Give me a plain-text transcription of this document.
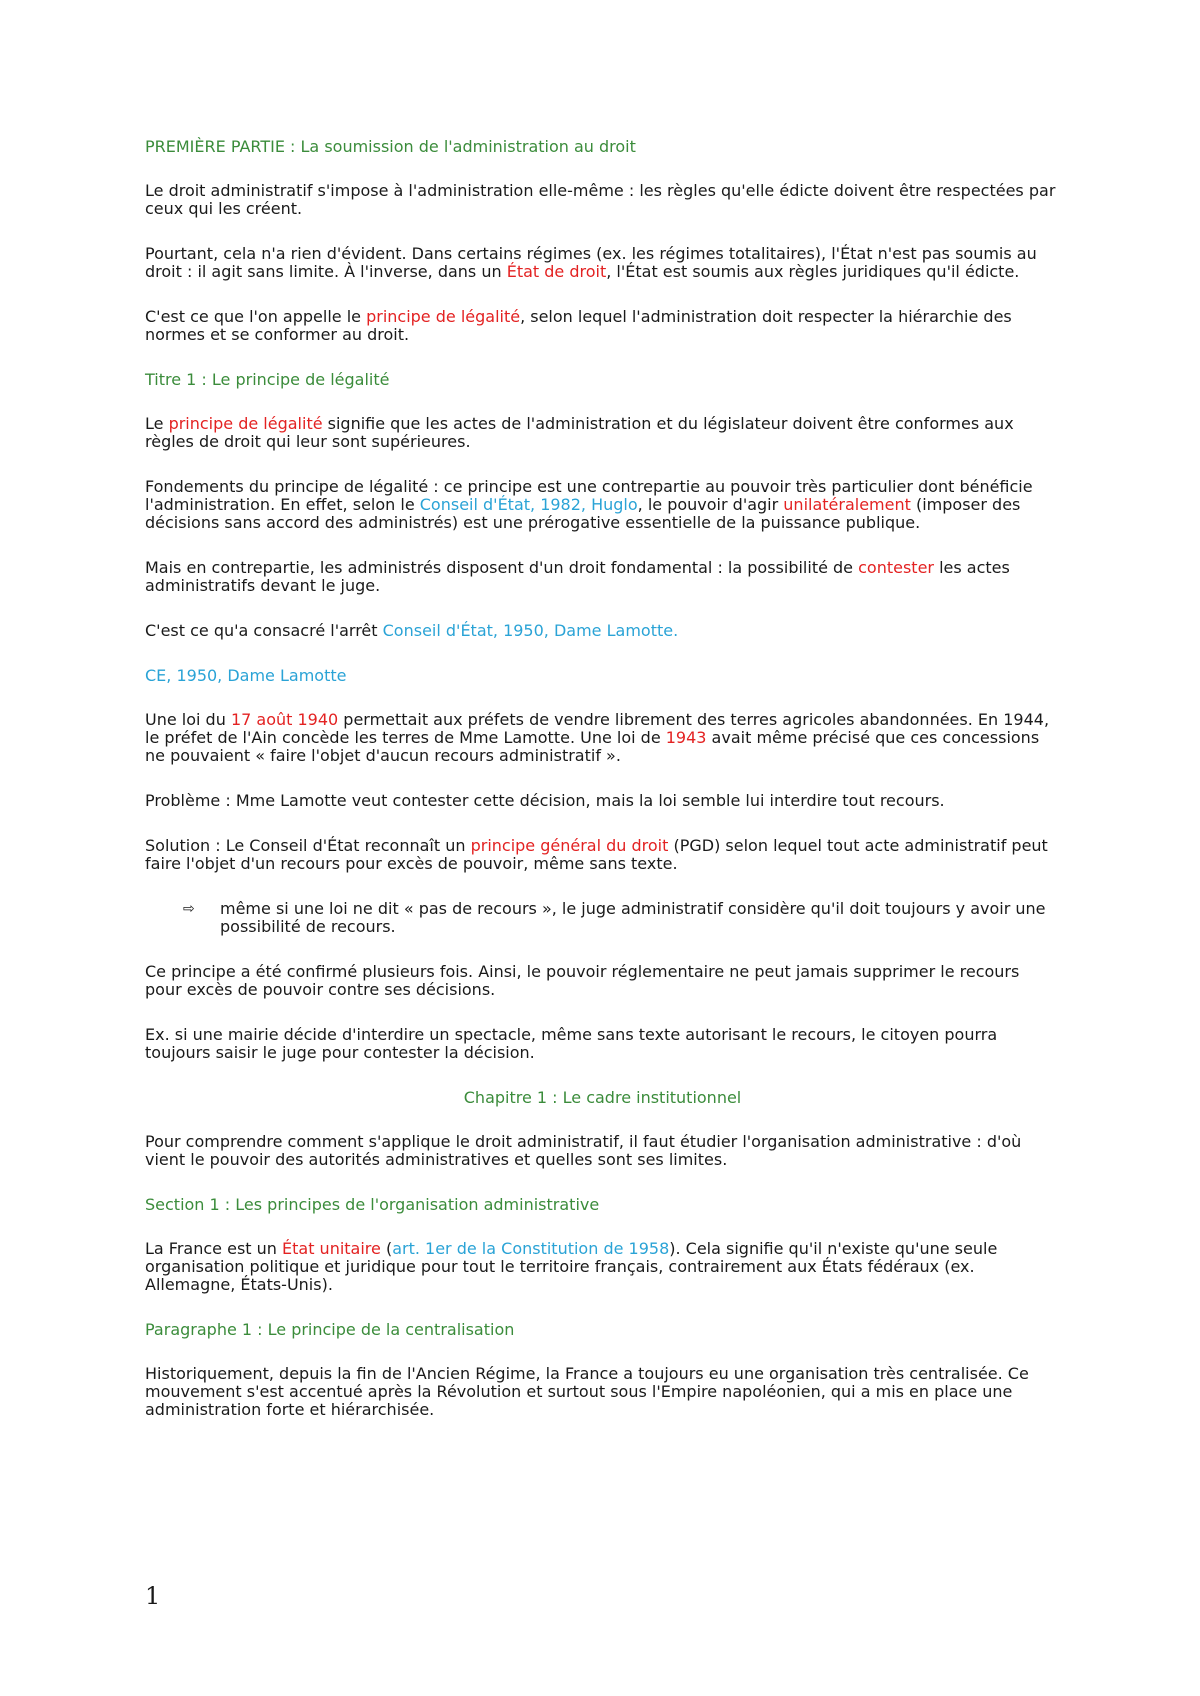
PREMIÈRE PARTIE : La soumission de l'administration au droit

Le droit administratif s'impose à l'administration elle-même : les règles qu'elle édicte doivent être respectées par ceux qui les créent.

Pourtant, cela n'a rien d'évident. Dans certains régimes (ex. les régimes totalitaires), l'État n'est pas soumis au droit : il agit sans limite. À l'inverse, dans un État de droit, l'État est soumis aux règles juridiques qu'il édicte.

C'est ce que l'on appelle le principe de légalité, selon lequel l'administration doit respecter la hiérarchie des normes et se conformer au droit.

Titre 1 : Le principe de légalité

Le principe de légalité signifie que les actes de l'administration et du législateur doivent être conformes aux règles de droit qui leur sont supérieures.

Fondements du principe de légalité : ce principe est une contrepartie au pouvoir très particulier dont bénéficie l'administration. En effet, selon le Conseil d'État, 1982, Huglo, le pouvoir d'agir unilatéralement (imposer des décisions sans accord des administrés) est une prérogative essentielle de la puissance publique.

Mais en contrepartie, les administrés disposent d'un droit fondamental : la possibilité de contester les actes administratifs devant le juge.

C'est ce qu'a consacré l'arrêt Conseil d'État, 1950, Dame Lamotte.

CE, 1950, Dame Lamotte

Une loi du 17 août 1940 permettait aux préfets de vendre librement des terres agricoles abandonnées. En 1944, le préfet de l'Ain concède les terres de Mme Lamotte. Une loi de 1943 avait même précisé que ces concessions ne pouvaient « faire l'objet d'aucun recours administratif ».

Problème : Mme Lamotte veut contester cette décision, mais la loi semble lui interdire tout recours.

Solution : Le Conseil d'État reconnaît un principe général du droit (PGD) selon lequel tout acte administratif peut faire l'objet d'un recours pour excès de pouvoir, même sans texte.

⇨ même si une loi ne dit « pas de recours », le juge administratif considère qu'il doit toujours y avoir une possibilité de recours.

Ce principe a été confirmé plusieurs fois. Ainsi, le pouvoir réglementaire ne peut jamais supprimer le recours pour excès de pouvoir contre ses décisions.

Ex. si une mairie décide d'interdire un spectacle, même sans texte autorisant le recours, le citoyen pourra toujours saisir le juge pour contester la décision.

Chapitre 1 : Le cadre institutionnel

Pour comprendre comment s'applique le droit administratif, il faut étudier l'organisation administrative : d'où vient le pouvoir des autorités administratives et quelles sont ses limites.

Section 1 : Les principes de l'organisation administrative

La France est un État unitaire (art. 1er de la Constitution de 1958). Cela signifie qu'il n'existe qu'une seule organisation politique et juridique pour tout le territoire français, contrairement aux États fédéraux (ex. Allemagne, États-Unis).

Paragraphe 1 : Le principe de la centralisation

Historiquement, depuis la fin de l'Ancien Régime, la France a toujours eu une organisation très centralisée. Ce mouvement s'est accentué après la Révolution et surtout sous l'Empire napoléonien, qui a mis en place une administration forte et hiérarchisée.

1
